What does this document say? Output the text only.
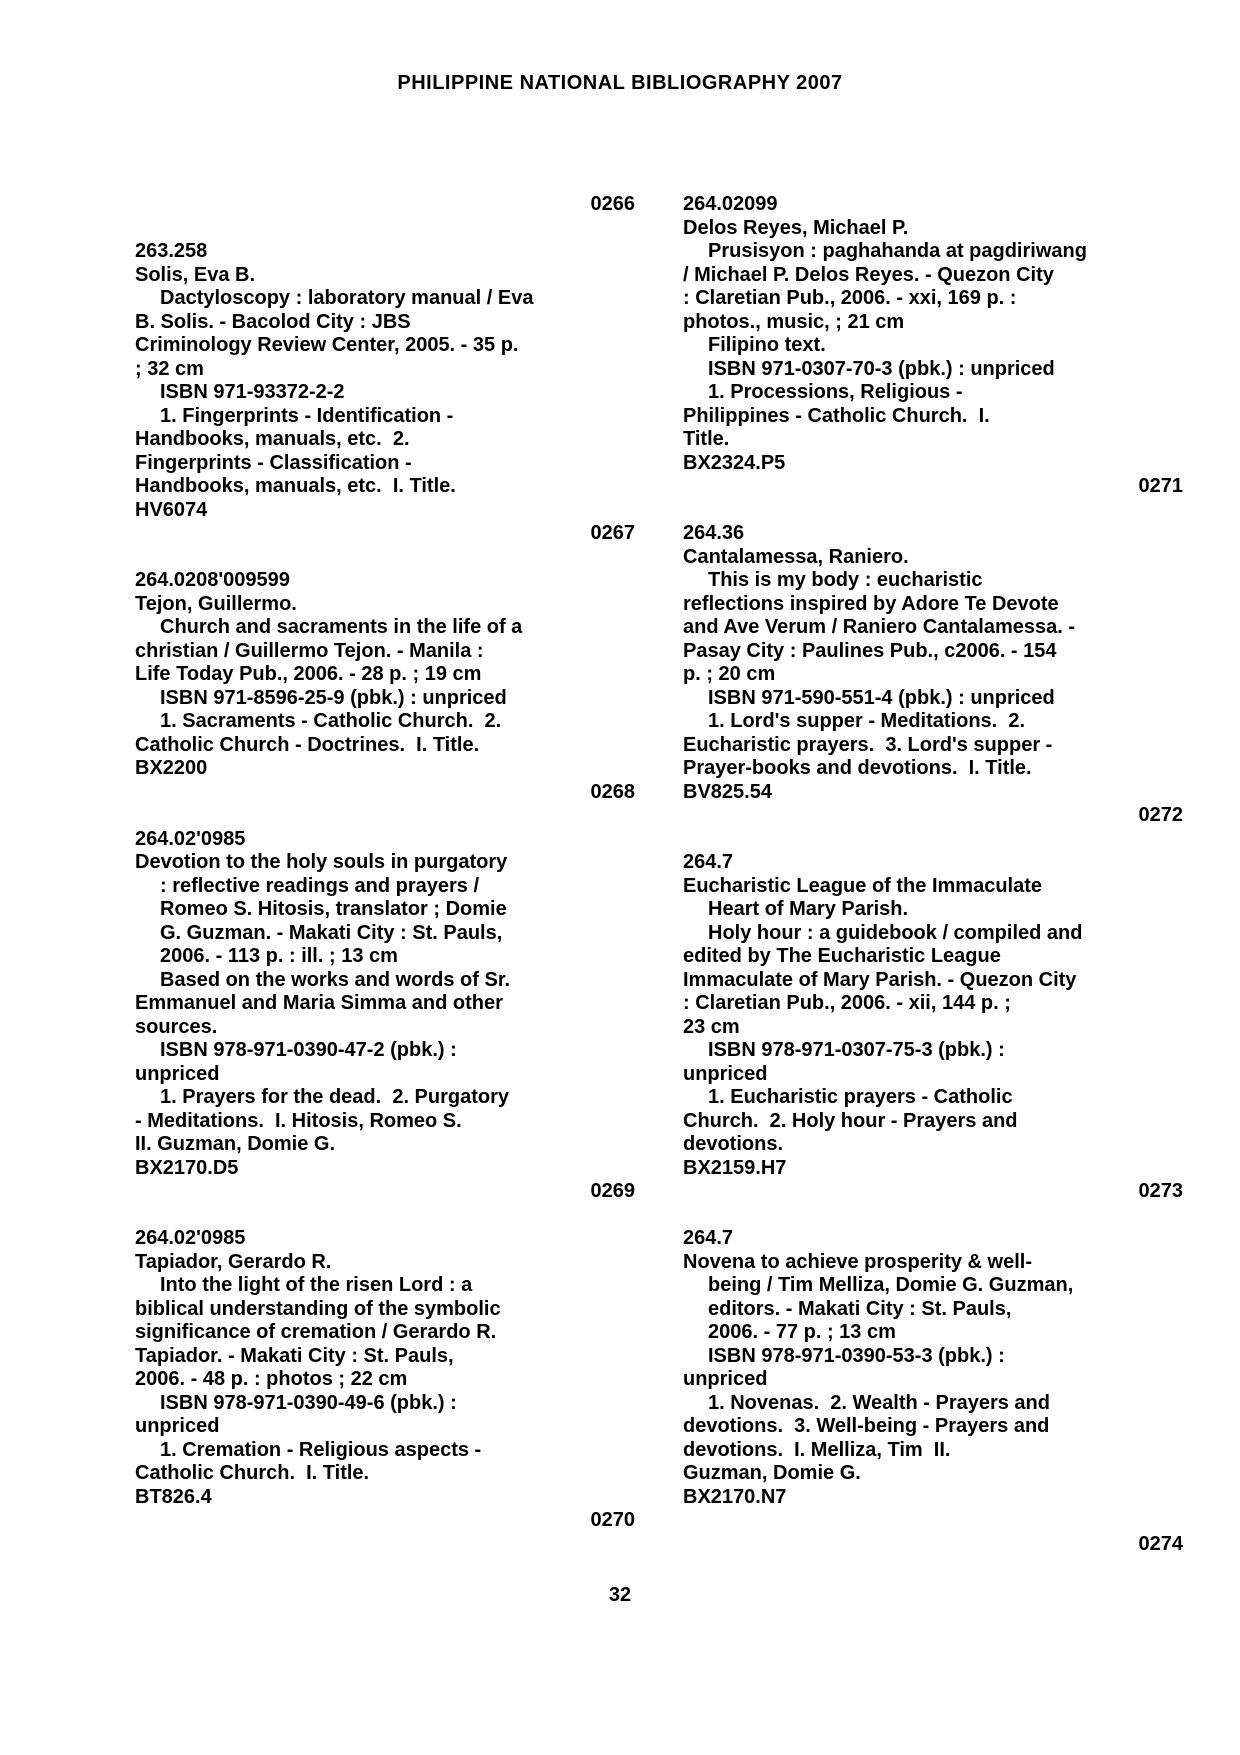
PHILIPPINE NATIONAL BIBLIOGRAPHY 2007
0266
263.258
Solis, Eva B.
Dactyloscopy : laboratory manual / Eva
B. Solis. - Bacolod City : JBS
Criminology Review Center, 2005. - 35 p.
; 32 cm
ISBN 971-93372-2-2
1. Fingerprints - Identification -
Handbooks, manuals, etc.  2.
Fingerprints - Classification -
Handbooks, manuals, etc.  I. Title.
HV6074
0267
264.0208'009599
Tejon, Guillermo.
Church and sacraments in the life of a
christian / Guillermo Tejon. - Manila :
Life Today Pub., 2006. - 28 p. ; 19 cm
ISBN 971-8596-25-9 (pbk.) : unpriced
1. Sacraments - Catholic Church.  2.
Catholic Church - Doctrines.  I. Title.
BX2200
0268
264.02'0985
Devotion to the holy souls in purgatory
: reflective readings and prayers /
Romeo S. Hitosis, translator ; Domie
G. Guzman. - Makati City : St. Pauls,
2006. - 113 p. : ill. ; 13 cm
Based on the works and words of Sr.
Emmanuel and Maria Simma and other
sources.
ISBN 978-971-0390-47-2 (pbk.) :
unpriced
1. Prayers for the dead.  2. Purgatory
- Meditations.  I. Hitosis, Romeo S.
II. Guzman, Domie G.
BX2170.D5
0269
264.02'0985
Tapiador, Gerardo R.
Into the light of the risen Lord : a
biblical understanding of the symbolic
significance of cremation / Gerardo R.
Tapiador. - Makati City : St. Pauls,
2006. - 48 p. : photos ; 22 cm
ISBN 978-971-0390-49-6 (pbk.) :
unpriced
1. Cremation - Religious aspects -
Catholic Church.  I. Title.
BT826.4
0270
264.02099
Delos Reyes, Michael P.
Prusisyon : paghahanda at pagdiriwang
/ Michael P. Delos Reyes. - Quezon City
: Claretian Pub., 2006. - xxi, 169 p. :
photos., music, ; 21 cm
Filipino text.
ISBN 971-0307-70-3 (pbk.) : unpriced
1. Processions, Religious -
Philippines - Catholic Church.  I.
Title.
BX2324.P5
0271
264.36
Cantalamessa, Raniero.
This is my body : eucharistic
reflections inspired by Adore Te Devote
and Ave Verum / Raniero Cantalamessa. -
Pasay City : Paulines Pub., c2006. - 154
p. ; 20 cm
ISBN 971-590-551-4 (pbk.) : unpriced
1. Lord's supper - Meditations.  2.
Eucharistic prayers.  3. Lord's supper -
Prayer-books and devotions.  I. Title.
BV825.54
0272
264.7
Eucharistic League of the Immaculate
Heart of Mary Parish.
Holy hour : a guidebook / compiled and
edited by The Eucharistic League
Immaculate of Mary Parish. - Quezon City
: Claretian Pub., 2006. - xii, 144 p. ;
23 cm
ISBN 978-971-0307-75-3 (pbk.) :
unpriced
1. Eucharistic prayers - Catholic
Church.  2. Holy hour - Prayers and
devotions.
BX2159.H7
0273
264.7
Novena to achieve prosperity & well-
being / Tim Melliza, Domie G. Guzman,
editors. - Makati City : St. Pauls,
2006. - 77 p. ; 13 cm
ISBN 978-971-0390-53-3 (pbk.) :
unpriced
1. Novenas.  2. Wealth - Prayers and
devotions.  3. Well-being - Prayers and
devotions.  I. Melliza, Tim  II.
Guzman, Domie G.
BX2170.N7
0274
32
